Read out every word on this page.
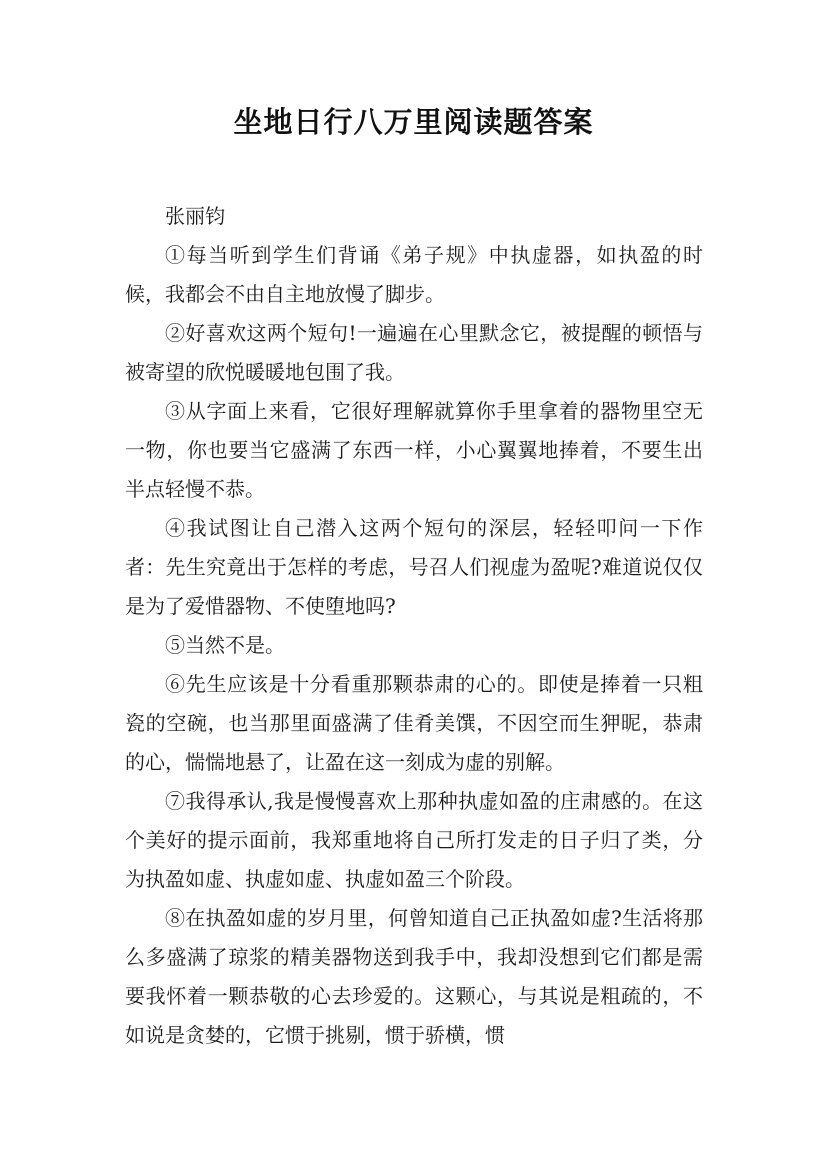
坐地日行八万里阅读题答案

张丽钧

①每当听到学生们背诵《弟子规》中执虚器，如执盈的时候，我都会不由自主地放慢了脚步。

②好喜欢这两个短句!一遍遍在心里默念它，被提醒的顿悟与被寄望的欣悦暖暖地包围了我。

③从字面上来看，它很好理解就算你手里拿着的器物里空无一物，你也要当它盛满了东西一样，小心翼翼地捧着，不要生出半点轻慢不恭。

④我试图让自己潜入这两个短句的深层，轻轻叩问一下作者：先生究竟出于怎样的考虑，号召人们视虚为盈呢?难道说仅仅是为了爱惜器物、不使堕地吗?

⑤当然不是。

⑥先生应该是十分看重那颗恭肃的心的。即使是捧着一只粗瓷的空碗，也当那里面盛满了佳肴美馔，不因空而生狎昵，恭肃的心，惴惴地悬了，让盈在这一刻成为虚的别解。

⑦我得承认,我是慢慢喜欢上那种执虚如盈的庄肃感的。在这个美好的提示面前，我郑重地将自己所打发走的日子归了类，分为执盈如虚、执虚如虚、执虚如盈三个阶段。

⑧在执盈如虚的岁月里，何曾知道自己正执盈如虚?生活将那么多盛满了琼浆的精美器物送到我手中，我却没想到它们都是需要我怀着一颗恭敬的心去珍爱的。这颗心，与其说是粗疏的，不如说是贪婪的，它惯于挑剔，惯于骄横，惯
